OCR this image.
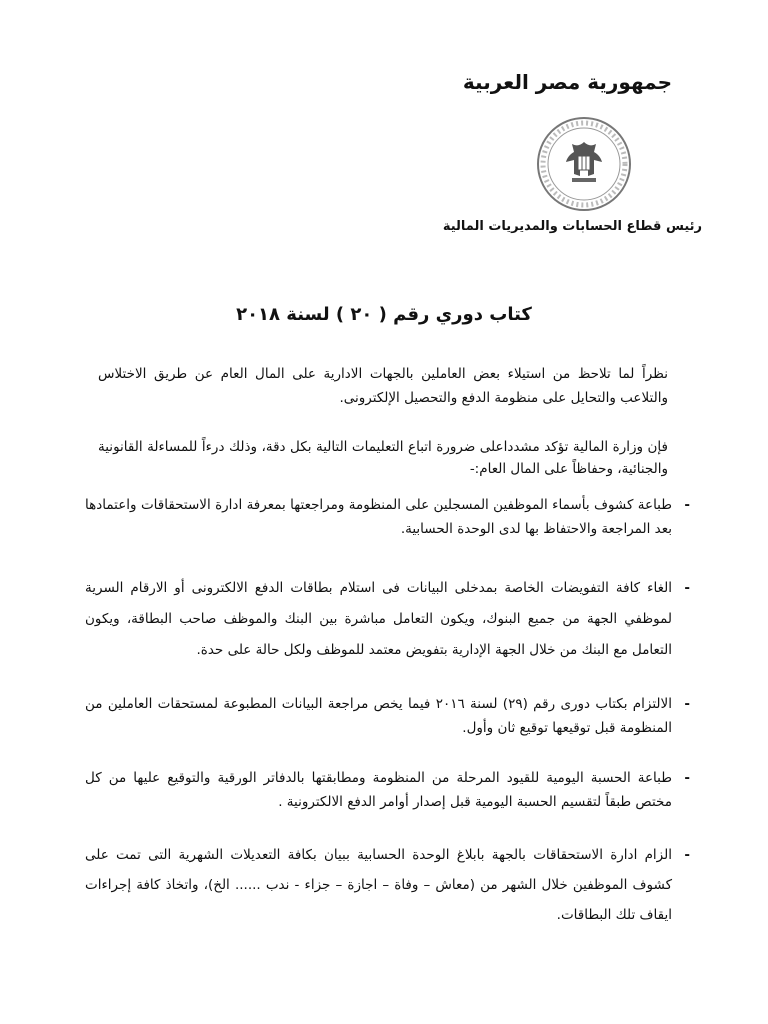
جمهورية مصر العربية
رئيس قطاع الحسابات والمديريات المالية
كتاب دوري رقم ( ٢٠ ) لسنة ٢٠١٨
نظراً لما تلاحظ من استيلاء بعض العاملين بالجهات الادارية على المال العام عن طريق الاختلاس والتلاعب والتحايل على منظومة الدفع والتحصيل الإلكترونى.
فإن وزارة المالية تؤكد مشدداعلى ضرورة اتباع التعليمات التالية بكل دقة، وذلك درءاً للمساءلة القانونية والجنائية، وحفاظاً على المال العام:-
-
طباعة كشوف بأسماء الموظفين المسجلين على المنظومة ومراجعتها بمعرفة ادارة الاستحقاقات واعتمادها بعد المراجعة والاحتفاظ بها لدى الوحدة الحسابية.
-
الغاء كافة التفويضات الخاصة بمدخلى البيانات فى استلام بطاقات الدفع الالكترونى أو الارقام السرية لموظفي الجهة من جميع البنوك، ويكون التعامل مباشرة بين البنك والموظف صاحب البطاقة، ويكون التعامل مع البنك من خلال الجهة الإدارية بتفويض معتمد للموظف ولكل حالة على حدة.
-
الالتزام بكتاب دورى رقم (٢٩) لسنة ٢٠١٦ فيما يخص مراجعة البيانات المطبوعة لمستحقات العاملين من المنظومة قبل توقيعها توقيع ثان وأول.
-
طباعة الحسبة اليومية للقيود المرحلة من المنظومة ومطابقتها بالدفاتر الورقية والتوقيع عليها من كل مختص طبقاً لتقسيم الحسبة اليومية قبل إصدار أوامر الدفع الالكترونية .
-
الزام ادارة الاستحقاقات بالجهة بابلاغ الوحدة الحسابية ببيان بكافة التعديلات الشهرية التى تمت على كشوف الموظفين خلال الشهر من (معاش – وفاة – اجازة – جزاء - ندب ...... الخ)، واتخاذ كافة إجراءات ايقاف تلك البطاقات.
